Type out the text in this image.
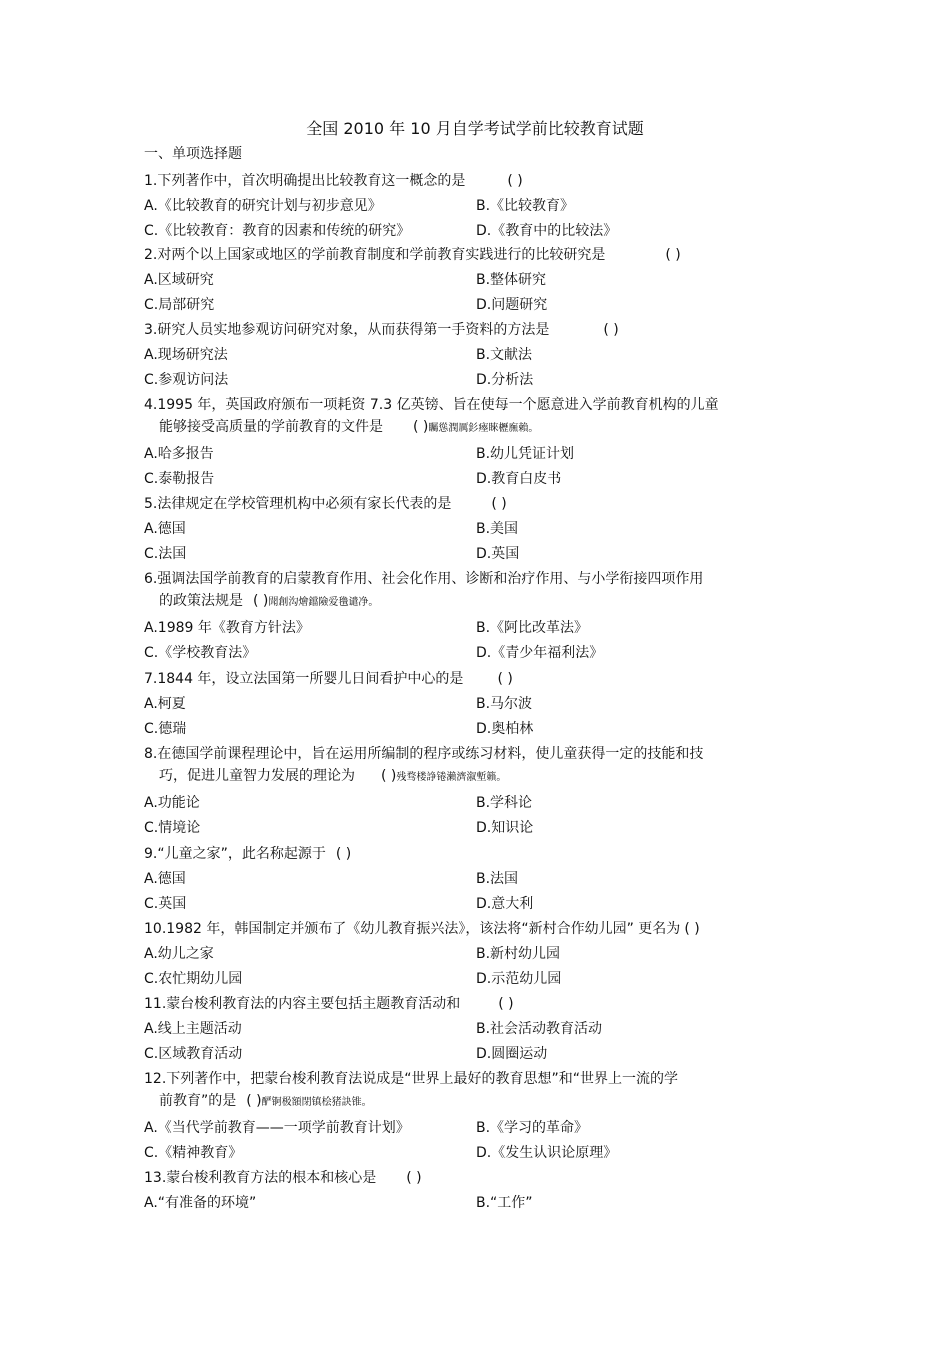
全国 2010 年 10 月自学考试学前比较教育试题
一、单项选择题
1.下列著作中，首次明确提出比较教育这一概念的是	( )
A.《比较教育的研究计划与初步意见》	B.《比较教育》
C.《比较教育：教育的因素和传统的研究》	D.《教育中的比较法》
2.对两个以上国家或地区的学前教育制度和学前教育实践进行的比较研究是	( )
A.区域研究	B.整体研究
C.局部研究	D.问题研究
3.研究人员实地参观访问研究对象，从而获得第一手资料的方法是	( )
A.现场研究法	B.文献法
C.参观访问法	D.分析法
4.1995 年，英国政府颁布一项耗资 7.3 亿英镑、旨在使每一个愿意进入学前教育机构的儿童
能够接受高质量的学前教育的文件是 ( )矚慫潤厲釤瘞睞櫪廡賴。
A.哈多报告	B.幼儿凭证计划
C.泰勒报告	D.教育白皮书
5.法律规定在学校管理机构中必须有家长代表的是	( )
A.德国	B.美国
C.法国	D.英国
6.强调法国学前教育的启蒙教育作用、社会化作用、诊断和治疗作用、与小学衔接四项作用
的政策法规是 ( )聞創沟燴鐺險爱氇谴净。
A.1989 年《教育方针法》	B.《阿比改革法》
C.《学校教育法》	D.《青少年福利法》
7.1844 年，设立法国第一所婴儿日间看护中心的是 ( )
A.柯夏	B.马尔波
C.德瑞	D.奥柏林
8.在德国学前课程理论中，旨在运用所编制的程序或练习材料，使儿童获得一定的技能和技
巧，促进儿童智力发展的理论为 ( )残骛楼諍锩瀨濟溆塹籟。
A.功能论	B.学科论
C.情境论	D.知识论
9.“儿童之家”，此名称起源于 ( )
A.德国	B.法国
C.英国	D.意大利
10.1982 年，韩国制定并颁布了《幼儿教育振兴法》，该法将“新村合作幼儿园” 更名为 ( )
A.幼儿之家	B.新村幼儿园
C.农忙期幼儿园	D.示范幼儿园
11.蒙台梭利教育法的内容主要包括主题教育活动和	( )
A.线上主题活动	B.社会活动教育活动
C.区域教育活动	D.圆圈运动
12.下列著作中，把蒙台梭利教育法说成是“世界上最好的教育思想”和“世界上一流的学
前教育”的是 ( )酽锕极額閉镇桧猪訣锥。
A.《当代学前教育——一项学前教育计划》	B.《学习的革命》
C.《精神教育》	D.《发生认识论原理》
13.蒙台梭利教育方法的根本和核心是 ( )
A.“有准备的环境”	B.“工作”
